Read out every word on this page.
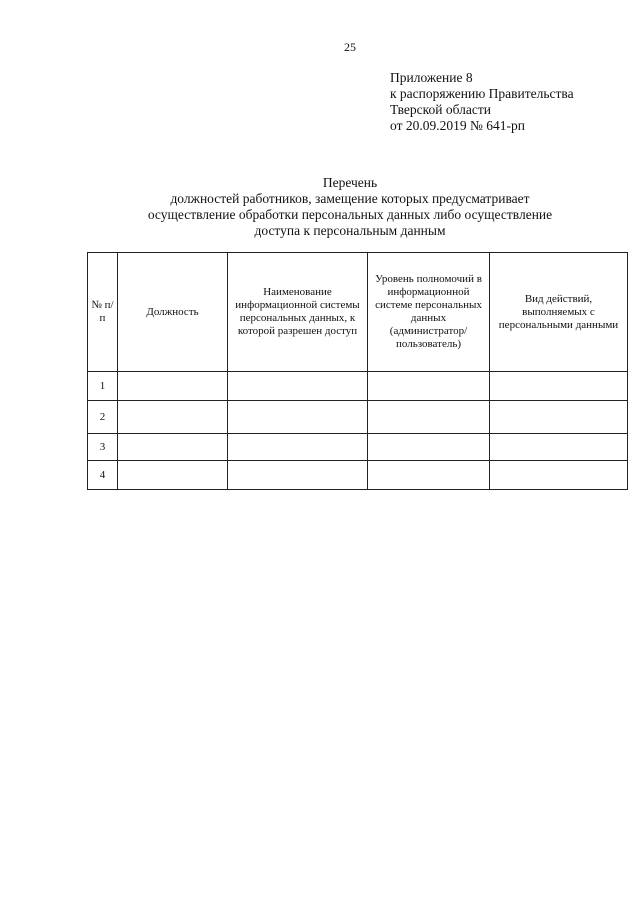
25
Приложение 8
к распоряжению Правительства
Тверской области
от 20.09.2019 № 641-рп
Перечень
должностей работников, замещение которых предусматривает
осуществление обработки персональных данных либо осуществление
доступа к персональным данным
№ п/п	Должность	Наименование информационной системы персональных данных, к которой разрешен доступ	Уровень полномочий в информационной системе персональных данных (администратор/ пользователь)	Вид действий, выполняемых с персональными данными
1				
2				
3				
4				
